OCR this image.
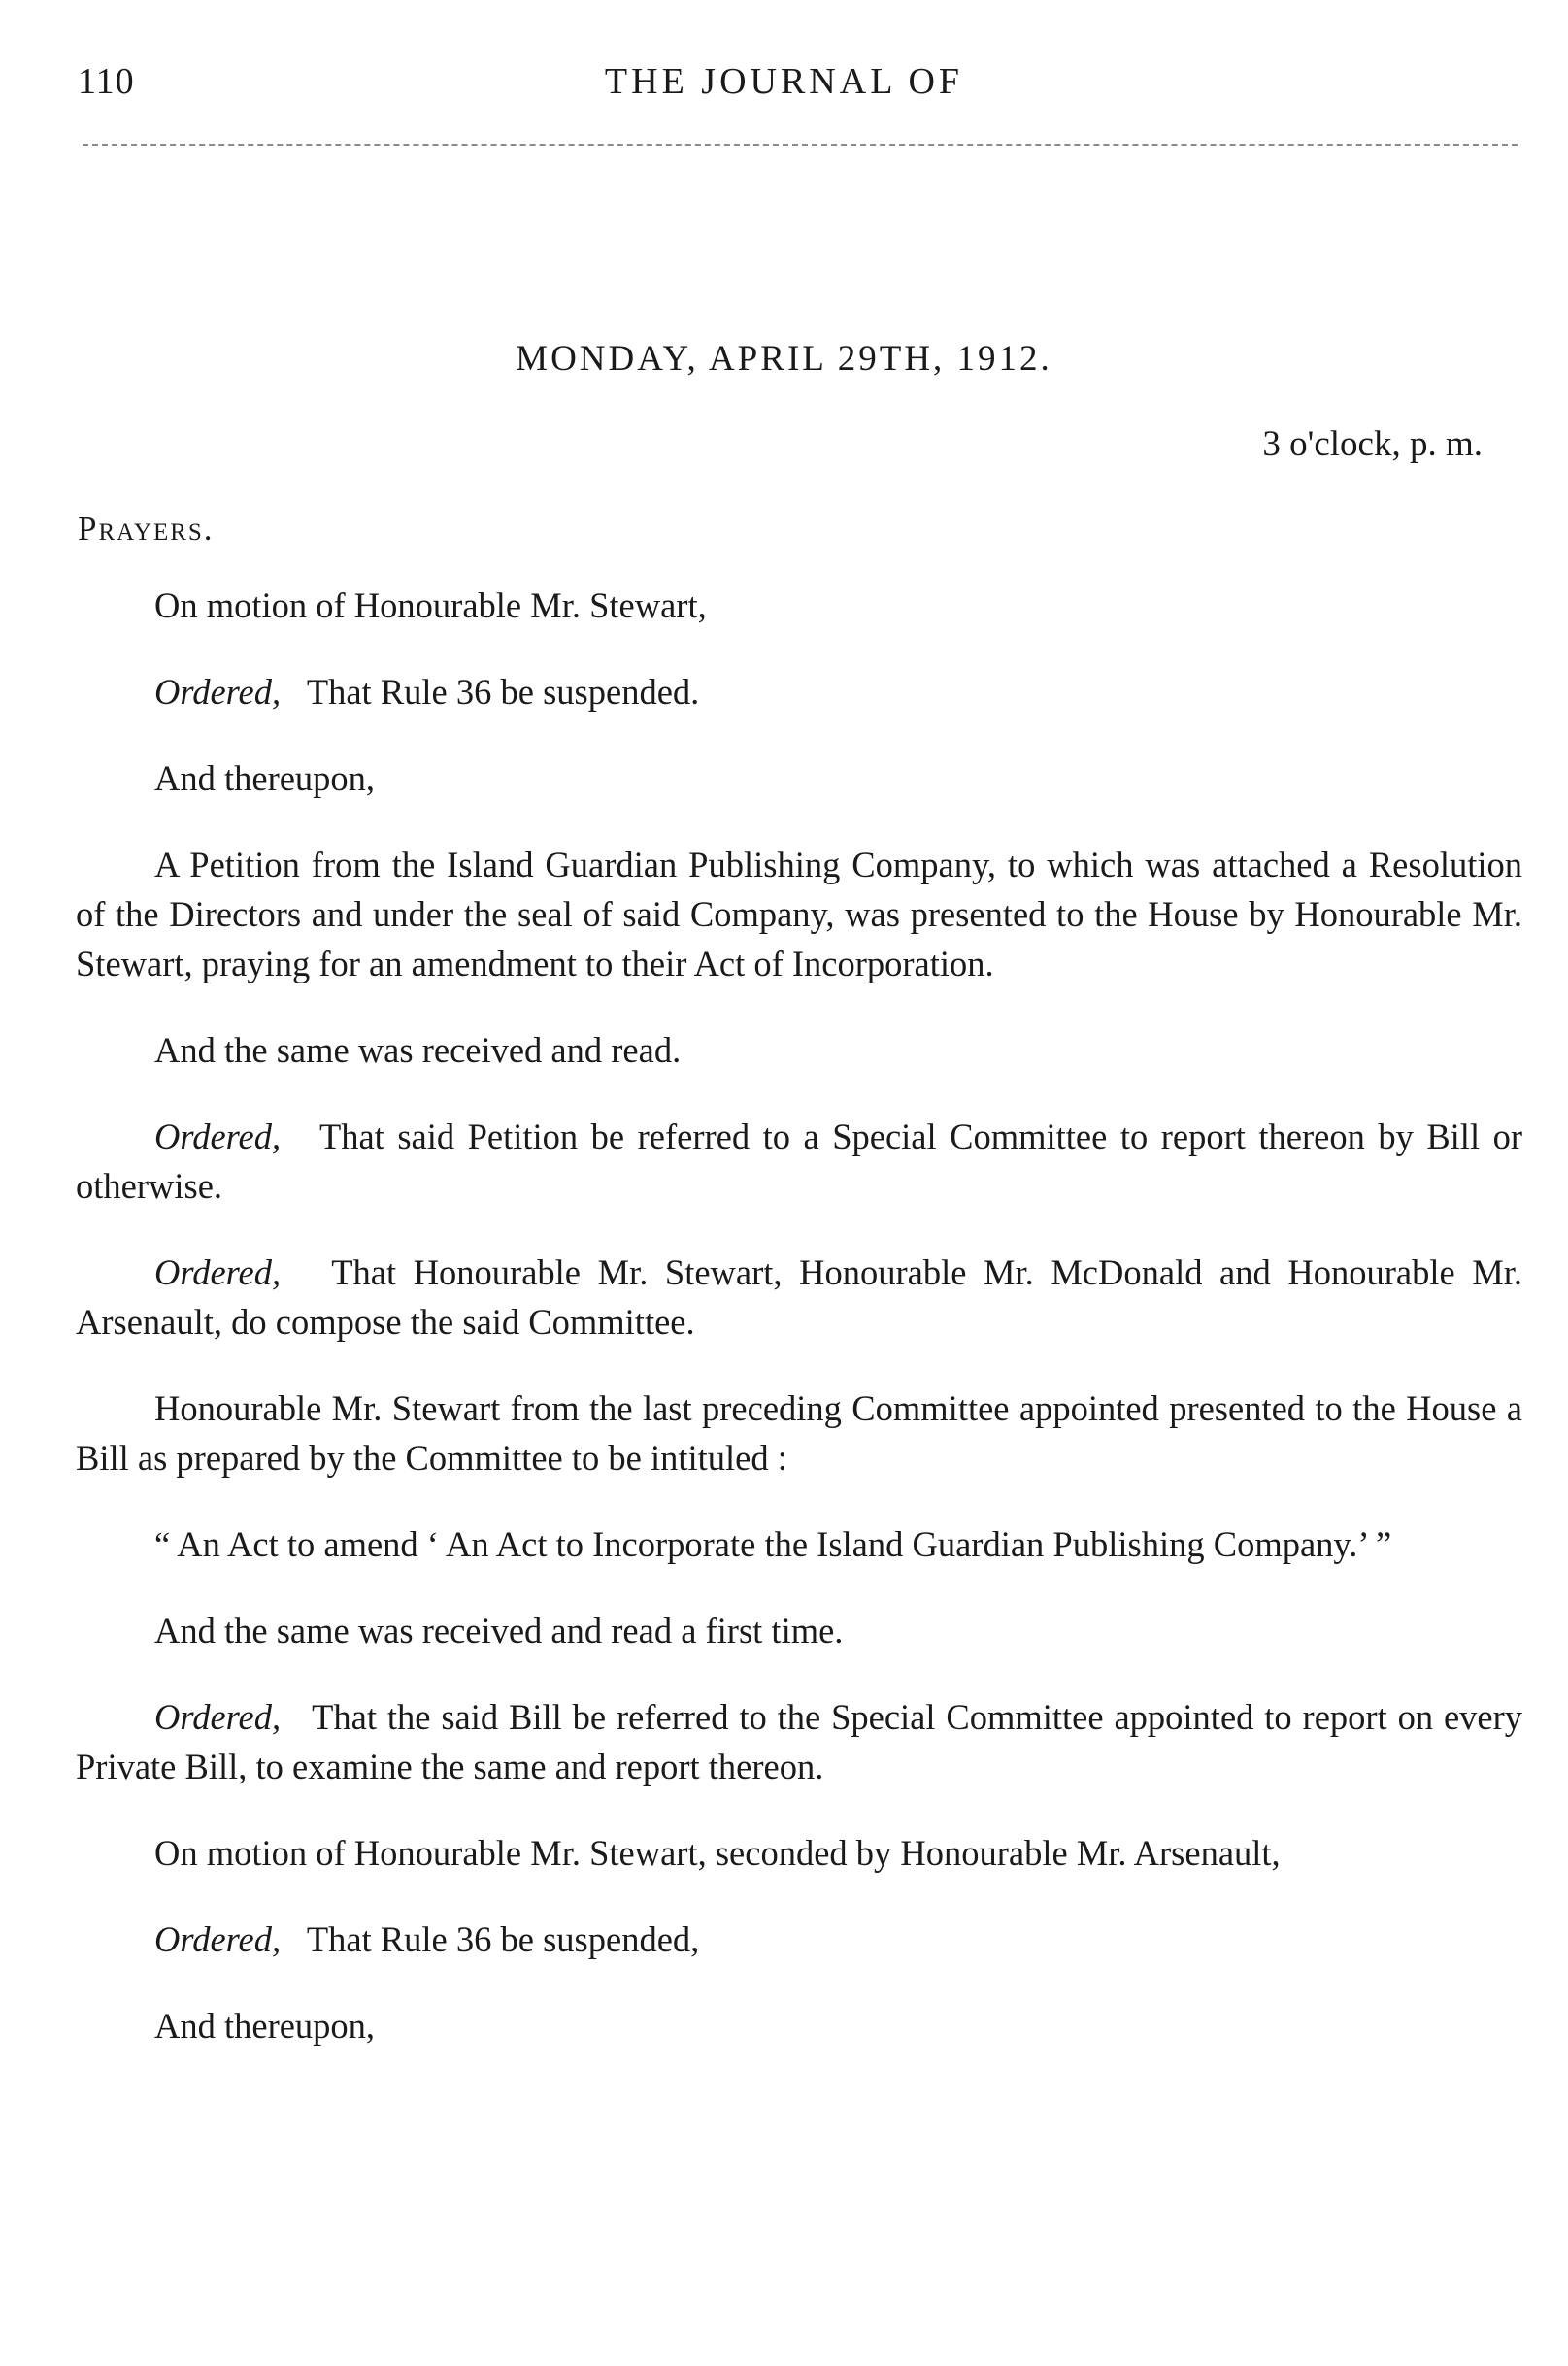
110	THE JOURNAL OF
MONDAY, APRIL 29TH, 1912.
3 o'clock, p. m.
Prayers.

On motion of Honourable Mr. Stewart,

Ordered,   That Rule 36 be suspended.

And thereupon,

A Petition from the Island Guardian Publishing Company, to which was attached a Resolution of the Directors and under the seal of said Company, was presented to the House by Honourable Mr. Stewart, praying for an amendment to their Act of Incorporation.

And the same was received and read.

Ordered,   That said Petition be referred to a Special Committee to report thereon by Bill or otherwise.

Ordered,   That Honourable Mr. Stewart, Honourable Mr. McDonald and Honourable Mr. Arsenault, do compose the said Committee.

Honourable Mr. Stewart from the last preceding Committee appointed presented to the House a Bill as prepared by the Committee to be intituled :

“ An Act to amend ‘ An Act to Incorporate the Island Guardian Publishing Company.’ ”

And the same was received and read a first time.

Ordered,   That the said Bill be referred to the Special Committee appointed to report on every Private Bill, to examine the same and report thereon.

On motion of Honourable Mr. Stewart, seconded by Honourable Mr. Arsenault,

Ordered,   That Rule 36 be suspended,

And thereupon,
